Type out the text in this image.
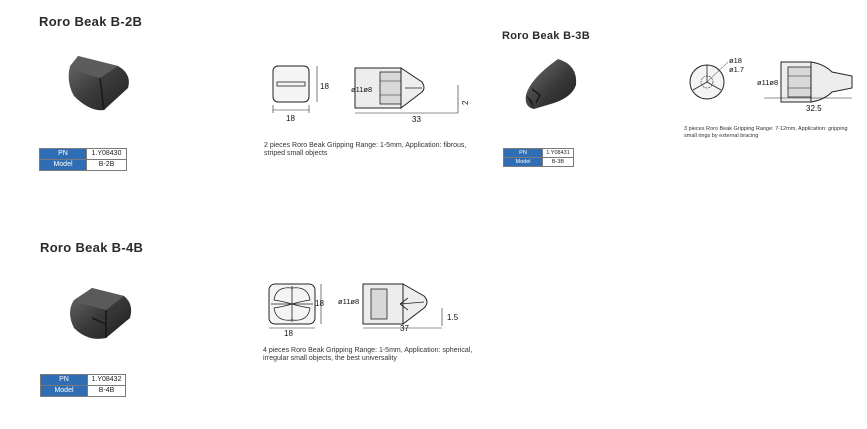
Roro Beak B-2B
PN	1.Y08430
Model	B-2B
18
18	ø11ø8
33
2
2 pieces Roro Beak Gripping Range: 1-5mm, Application: fibrous,
striped small objects
Roro Beak B-3B
PN	1.Y08431
Model	B-3B
ø18
ø1.7
ø11ø8
32.5
3 pieces Roro Beak Gripping Range: 7-12mm, Application: gripping
small rings by external bracing
Roro Beak B-4B
PN	1.Y08432
Model	B-4B
18
18 ø11ø8
37
1.5
4 pieces Roro Beak Gripping Range: 1-5mm, Application: spherical,
irregular small objects, the best universality
